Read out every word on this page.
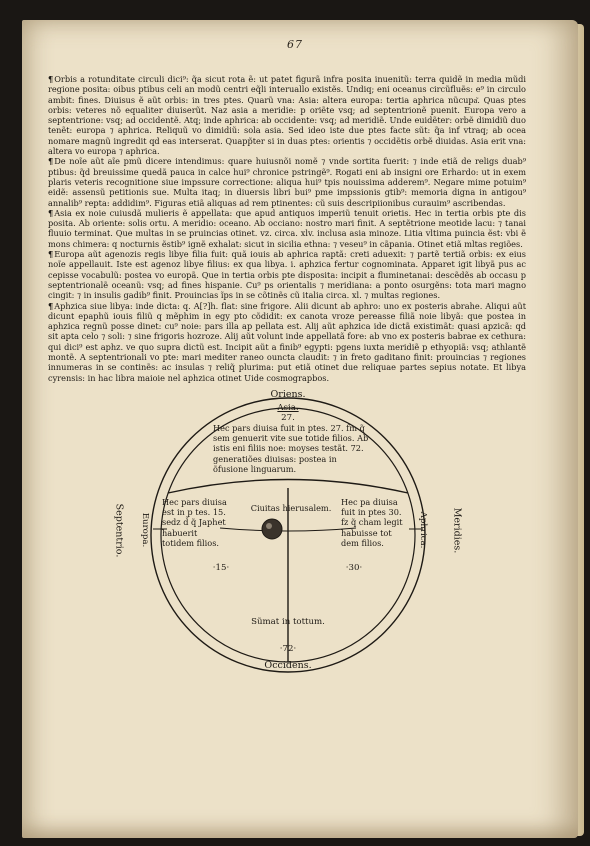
67

¶Orbis a rotunditate circuli dici⁹: q̃a sicut rota ẽ: ut patet figurã infra posita inuenitũ: terra quidẽ in media mũdi regione posita: oibus ptibus celi an modũ centri eq̃li interuallo existẽs. Undiq; eni oceanus circũfluẽs: e⁹ in circulo ambit: fines. Diuisus ẽ aũt orbis: in tres ptes. Quarũ vna: Asia: altera europa: tertia aphrica nũcupa͂. Quas ptes orbis: veteres nõ equaliter diuiserũt. Naz asia a meridie: p oriẽte vsq; ad septentrionẽ puenit. Europa vero a septentrione: vsq; ad occidentẽ. Atq; inde aphrica: ab occidente: vsq; ad meridiẽ. Unde euidẽter: orbẽ dimidiũ duo tenẽt: europa ⁊ aphrica. Reliquũ vo dimidiũ: sola asia. Sed ideo iste due ptes facte sũt: q̃a inf vtraq; ab ocea nomare magnũ ingredit qd eas interserat. Quapp̃ter si in duas ptes: orientis ⁊ occidẽtis orbẽ diuidas. Asia erit vna: altera vo europa ⁊ aphrica.

¶De noĩe aũt aĩe pmũ dicere intendimus: quare huiusnõi nomẽ ⁊ vnde sortita fuerit: ⁊ inde etiã de religs duab⁹ ptibus: q̃d breuissime quedã pauca in calce hui⁹ chronice pstringẽ⁹. Rogati eni ab insigni ore Erhardo: ut in exem plaris veteris recognitione siue impssure correctione: aliqua hui⁹ tpis nouissima adderem⁹. Negare mime potuim⁹ eidẽ: assensũ petitionis sue. Multa itaq; in diuersis libri bui⁹ pme impssionis gtib⁹: memoria digna in antigou⁹ annalib⁹ repta: addidim⁹. Figuras etiã aliquas ad rem ptinentes: cũ suis descripiionibus curauim⁹ ascribendas.

¶Asia ex noie cuiusdã mulieris ẽ appellata: que apud antiquos imperiũ tenuit orietis. Hec in tertia orbis pte dis posita. Ab oriente: solis ortu. A meridio: oceano. Ab occiano: nostro mari finit. A septẽtrione meotide lacu: ⁊ tanai fluuio terminat. Que multas in se pruincias otinet. vz. circa. xlv. inclusa asia minoze. Litia vltima puincia ẽst: vbi ẽ mons chimera: q nocturnis ẽstib⁹ ignẽ exhalat: sicut in sicilia ethna: ⁊ veseu⁹ in cãpania. Otinet etiã mltas regiões.

¶Europa aũt agenozis regis libye filia fuit: quã iouis ab aphrica raptã: creti aduexit: ⁊ partẽ tertiã orbis: ex eius noĩe appellauit. Iste est agenoz libye filius: ex qua libya. i. aphzica fertur cognominata. Apparet igit libyã pus ac cepisse vocabulũ: postea vo europã. Que in tertia orbis pte disposita: incipit a fluminetanai: descẽdẽs ab occasu p septentrionalẽ oceanũ: vsq; ad fines hispanie. Cu⁹ ps orientalis ⁊ meridiana: a ponto osurgẽns: tota mari magno cingit: ⁊ in insulis gadib⁹ finit. Prouincias ĩps in se cõtinẽs cũ italia circa. xl. ⁊ multas regiones.

¶Aphzica siue libya: inde dicta: q. A[?]h. flat: sine frigore. Alii dicunt ab aphro: uno ex posteris abrahe. Aliqui aũt dicunt epaphũ iouis filiũ q mẽphim in egy pto cõdidit: ex canota vroze pereasse filiã noie libyã: que postea in aphzica regnũ posse dinet: cu⁹ noie: pars illa ap pellata est. Alij aũt aphzica ide dictã existimãt: quasi apzicã: qd sit apta celo ⁊ soli: ⁊ sine frigoris hozroze. Alij aũt volunt inde appellatã fore: ab vno ex posteris babrae ex cethura: qui dici⁹ est aphz. ve quo supra dictũ est. Incipit aũt a finib⁹ egypti: pgens iuxta meridiẽ p ethyopiã: vsq; athlantẽ montẽ. A septentrionali vo pte: mari mediter raneo ouncta claudit: ⁊ in freto gaditano finit: prouincias ⁊ regiones innumeras in se continẽs: ac insulas ⁊ reliq̃ plurima: put etiã otinet due reliquae partes sepius notate. Et libya cyrensis: in hac libra maioie nel aphzica otinet Uide cosmograpbos.

Oriens.
Asia.
27.
Hec pars diuisa fuit in ptes. 27. fm q̃ sem genuerit vite sue totide filios. Ab istis eni filiis noe: moyses testãt. 72. generatiões diuisas: postea in õfusione linguarum.
Septentrio. Europa.
Hec pars diuisa est in p tes. 15. sedz d̃ q̃ Japhet habuerit totidem filios.
·15·
Ciuitas hierusalem.
Hec pa diuisa fuit in ptes 30. fz q̃ cham legit habuisse tot dem filios.	Aphrica. Meridies.
·30·
Sũmat in tottum.
·72·
Occidens.
